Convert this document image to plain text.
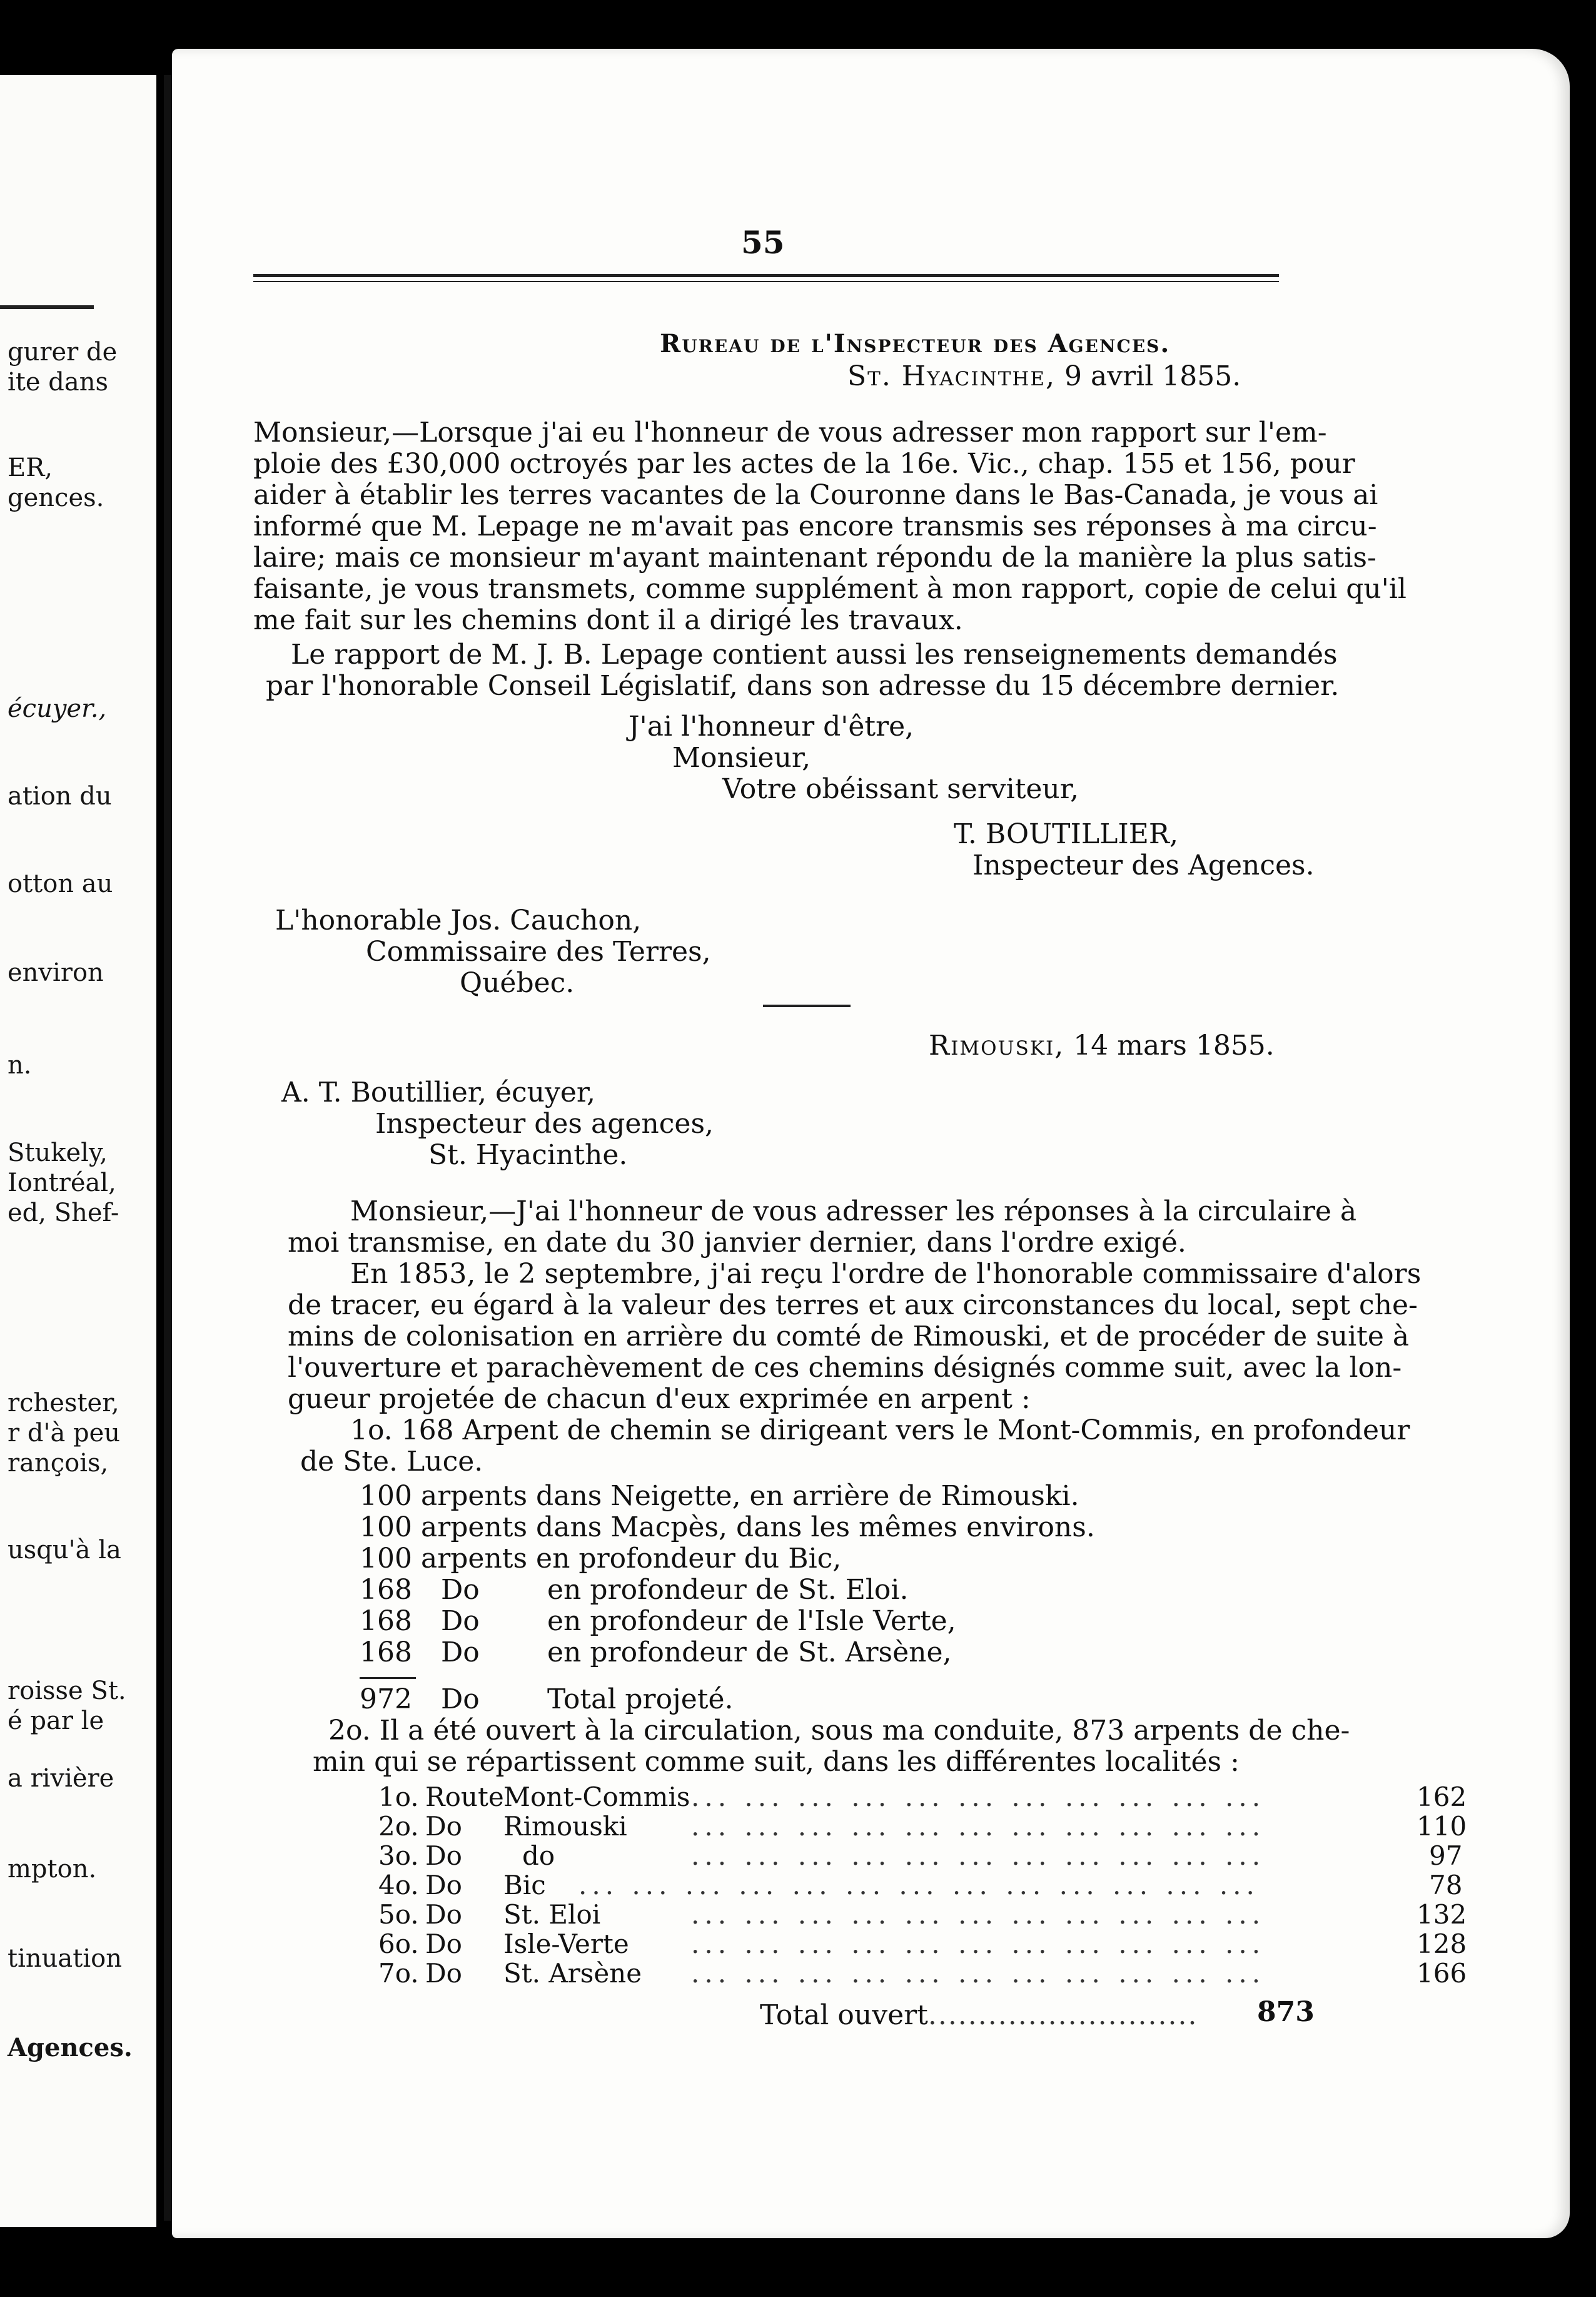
gurer de
ite dans
ER,
gences.
écuyer.,
ation du
otton au
environ
n.
Stukely,
Iontréal,
ed, Shef-
rchester,
r d'à peu
rançois,
usqu'à la
roisse St.
é par le
a rivière
mpton.
tinuation
Agences.
55
Rureau de l'Inspecteur des Agences.
St. Hyacinthe, 9 avril 1855.
Monsieur,—Lorsque j'ai eu l'honneur de vous adresser mon rapport sur l'em-
ploie des £30,000 octroyés par les actes de la 16e. Vic., chap. 155 et 156, pour
aider à établir les terres vacantes de la Couronne dans le Bas-Canada, je vous ai
informé que M. Lepage ne m'avait pas encore transmis ses réponses à ma circu-
laire; mais ce monsieur m'ayant maintenant répondu de la manière la plus satis-
faisante, je vous transmets, comme supplément à mon rapport, copie de celui qu'il
me fait sur les chemins dont il a dirigé les travaux.
Le rapport de M. J. B. Lepage contient aussi les renseignements demandés
par l'honorable Conseil Législatif, dans son adresse du 15 décembre dernier.
J'ai l'honneur d'être,
Monsieur,
Votre obéissant serviteur,
T. BOUTILLIER,
Inspecteur des Agences.
L'honorable Jos. Cauchon,
Commissaire des Terres,
Québec.
Rimouski, 14 mars 1855.
A. T. Boutillier, écuyer,
Inspecteur des agences,
St. Hyacinthe.
Monsieur,—J'ai l'honneur de vous adresser les réponses à la circulaire à
moi transmise, en date du 30 janvier dernier, dans l'ordre exigé.
En 1853, le 2 septembre, j'ai reçu l'ordre de l'honorable commissaire d'alors
de tracer, eu égard à la valeur des terres et aux circonstances du local, sept che-
mins de colonisation en arrière du comté de Rimouski, et de procéder de suite à
l'ouverture et parachèvement de ces chemins désignés comme suit, avec la lon-
gueur projetée de chacun d'eux exprimée en arpent :
1o. 168 Arpent de chemin se dirigeant vers le Mont-Commis, en profondeur
de Ste. Luce.
100 arpents dans Neigette, en arrière de Rimouski.
100 arpents dans Macpès, dans les mêmes environs.
100 arpents en profondeur du Bic,
168 Do en profondeur de St. Eloi.
168 Do en profondeur de l'Isle Verte,
168 Do en profondeur de St. Arsène,
972 Do Total projeté.
2o. Il a été ouvert à la circulation, sous ma conduite, 873 arpents de che-
min qui se répartissent comme suit, dans les différentes localités :
1o. Route Mont-Commis ... ... ... ... ... ... ... ... ... ... ...	162
2o. Do Rimouski ... ... ... ... ... ... ... ... ... ... ...	110
3o. Do do	... ... ... ... ... ... ... ... ... ... ...	97
4o. Do Bic ... ... ... ... ... ... ... ... ... ... ... ... ...	78
5o. Do St. Eloi	... ... ... ... ... ... ... ... ... ... ...	132
6o. Do Isle-Verte ... ... ... ... ... ... ... ... ... ... ...	128
7o. Do St. Arsène ... ... ... ... ... ... ... ... ... ... ...	166
Total ouvert........................... 873
